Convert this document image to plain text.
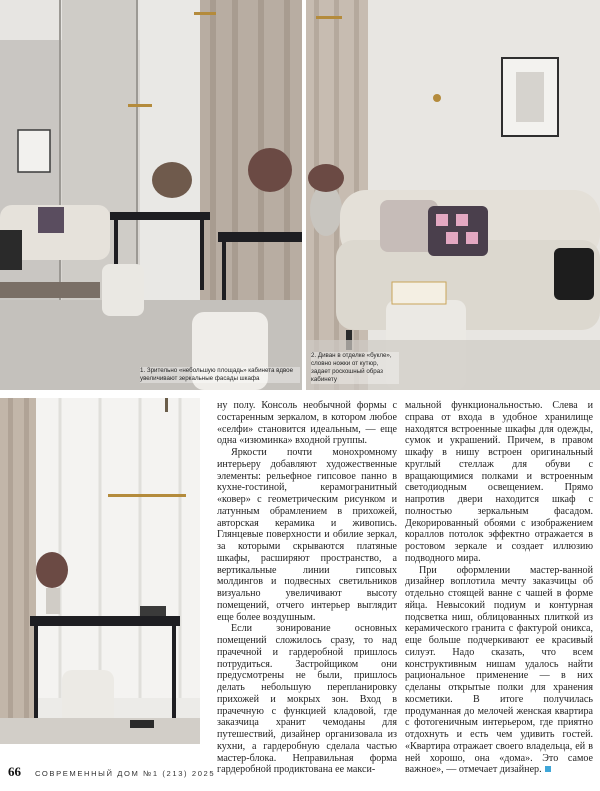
1. Зрительно «небольшую площадь» кабинета вдвое увеличивают зеркальные фасады шкафа
2. Диван в отделке «букле», словно ножки от кутюр, задает роскошный образ кабинету

ну полу. Консоль необычной формы с состаренным зеркалом, в котором любое «селфи» становится идеальным, — еще одна «изюминка» входной группы.

Яркости почти монохромному интерьеру добавляют художественные элементы: рельефное гипсовое панно в кухне-гостиной, керамогранитный «ковер» с геометрическим рисунком и латунным обрамлением в прихожей, авторская керамика и живопись. Глянцевые поверхности и обилие зеркал, за которыми скрываются платяные шкафы, расширяют пространство, а вертикальные линии гипсовых молдингов и подвесных светильников визуально увеличивают высоту помещений, отчего интерьер выглядит еще более воздушным.

Если зонирование основных помещений сложилось сразу, то над прачечной и гардеробной пришлось потрудиться. Застройщиком они предусмотрены не были, пришлось делать небольшую перепланировку прихожей и мокрых зон. Вход в прачечную с функцией кладовой, где заказчица хранит чемоданы для путешествий, дизайнер организовала из кухни, а гардеробную сделала частью мастер-блока. Неправильная форма гардеробной продиктована ее макси-

мальной функциональностью. Слева и справа от входа в удобное хранилище находятся встроенные шкафы для одежды, сумок и украшений. Причем, в правом шкафу в нишу встроен оригинальный круглый стеллаж для обуви с вращающимися полками и встроенным светодиодным освещением. Прямо напротив двери находится шкаф с полностью зеркальным фасадом. Декорированный обоями с изображением кораллов потолок эффектно отражается в ростовом зеркале и создает иллюзию подводного мира.

При оформлении мастер-ванной дизайнер воплотила мечту заказчицы об отдельно стоящей ванне с чашей в форме яйца. Невысокий подиум и контурная подсветка ниш, облицованных плиткой из керамического гранита с фактурой оникса, еще больше подчеркивают ее красивый силуэт. Надо сказать, что всем конструктивным нишам удалось найти рациональное применение — в них сделаны открытые полки для хранения косметики. В итоге получилась продуманная до мелочей женская квартира с фотогеничным интерьером, где приятно отдохнуть и есть чем удивить гостей. «Квартира отражает своего владельца, ей в ней хорошо, она «дома». Это самое важное», — отмечает дизайнер.

66 СОВРЕМЕННЫЙ ДОМ №1 (213) 2025
